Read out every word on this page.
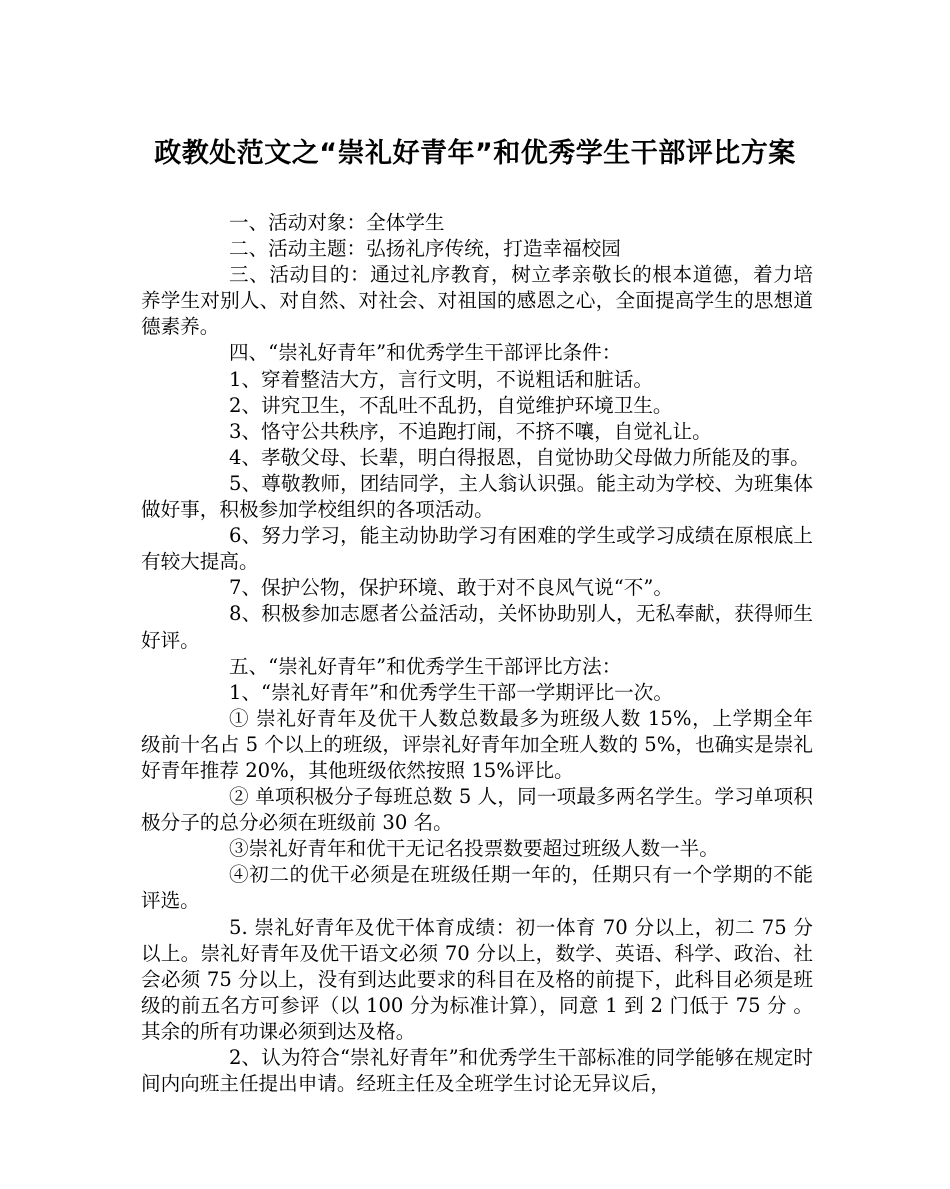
政教处范文之“崇礼好青年”和优秀学生干部评比方案

一、活动对象：全体学生

二、活动主题：弘扬礼序传统，打造幸福校园

三、活动目的：通过礼序教育，树立孝亲敬长的根本道德，着力培养学生对别人、对自然、对社会、对祖国的感恩之心，全面提高学生的思想道德素养。

四、“崇礼好青年”和优秀学生干部评比条件：

1、穿着整洁大方，言行文明，不说粗话和脏话。

2、讲究卫生，不乱吐不乱扔，自觉维护环境卫生。

3、恪守公共秩序，不追跑打闹，不挤不嚷，自觉礼让。

4、孝敬父母、长辈，明白得报恩，自觉协助父母做力所能及的事。

5、尊敬教师，团结同学，主人翁认识强。能主动为学校、为班集体做好事，积极参加学校组织的各项活动。

6、努力学习，能主动协助学习有困难的学生或学习成绩在原根底上有较大提高。

7、保护公物，保护环境、敢于对不良风气说“不”。

8、积极参加志愿者公益活动，关怀协助别人，无私奉献，获得师生好评。

五、“崇礼好青年”和优秀学生干部评比方法：

1、“崇礼好青年”和优秀学生干部一学期评比一次。

① 崇礼好青年及优干人数总数最多为班级人数 15%，上学期全年级前十名占 5 个以上的班级，评崇礼好青年加全班人数的 5%，也确实是崇礼好青年推荐 20%，其他班级依然按照 15%评比。

② 单项积极分子每班总数 5 人，同一项最多两名学生。学习单项积极分子的总分必须在班级前 30 名。

③崇礼好青年和优干无记名投票数要超过班级人数一半。

④初二的优干必须是在班级任期一年的，任期只有一个学期的不能评选。

5. 崇礼好青年及优干体育成绩：初一体育 70 分以上，初二 75 分以上。崇礼好青年及优干语文必须 70 分以上，数学、英语、科学、政治、社会必须 75 分以上，没有到达此要求的科目在及格的前提下，此科目必须是班级的前五名方可参评（以 100 分为标准计算），同意 1 到 2 门低于 75 分 。其余的所有功课必须到达及格。

2、认为符合“崇礼好青年”和优秀学生干部标准的同学能够在规定时间内向班主任提出申请。经班主任及全班学生讨论无异议后，
